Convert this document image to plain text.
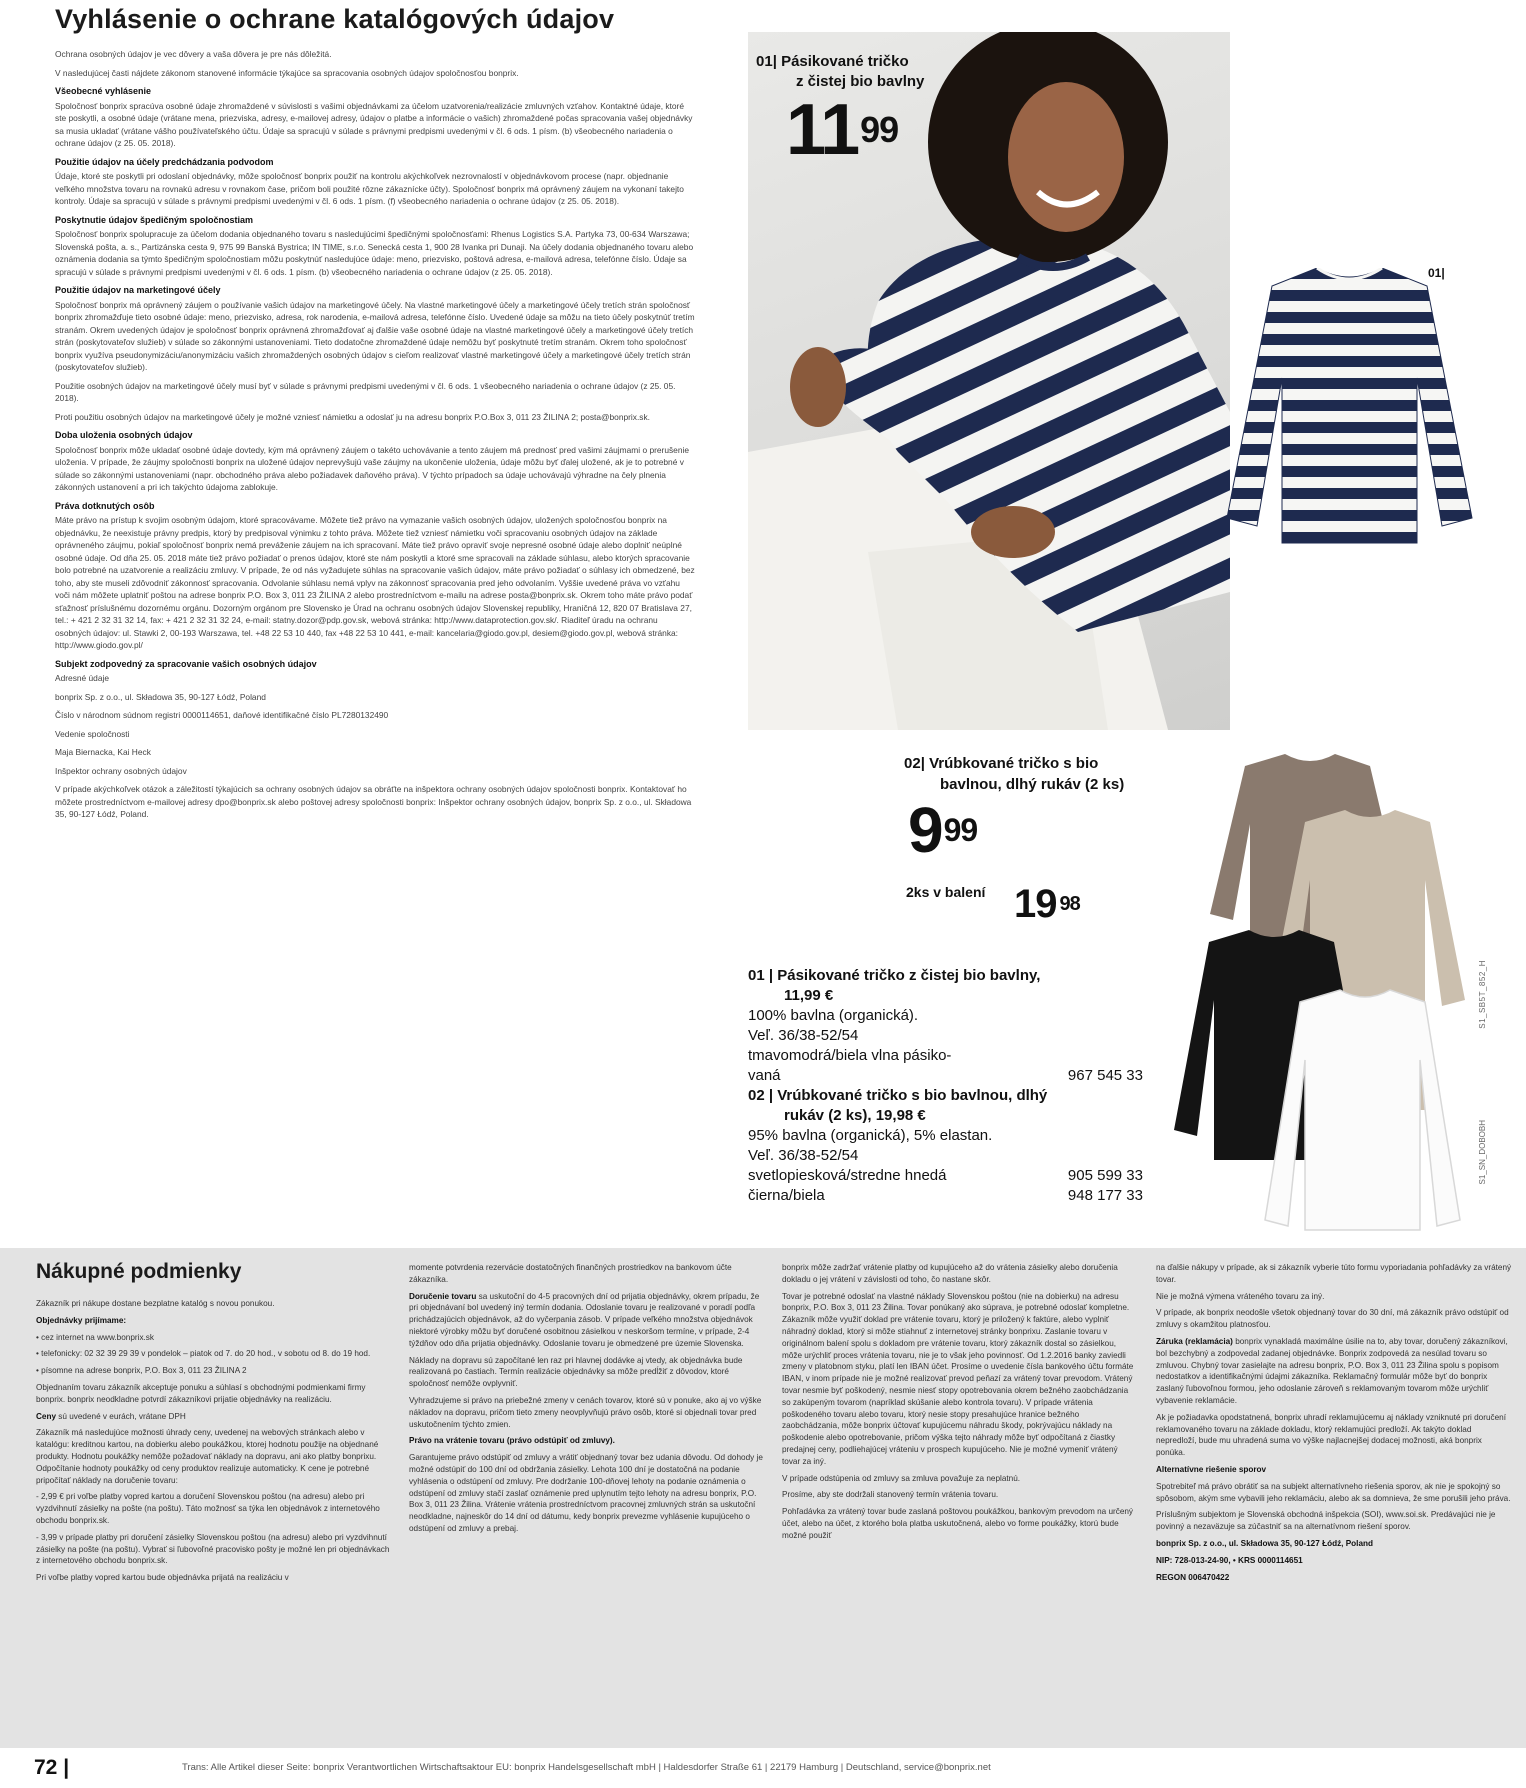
Vyhlásenie o ochrane katalógových údajov

Ochrana osobných údajov je vec dôvery a vaša dôvera je pre nás dôležitá.

V nasledujúcej časti nájdete zákonom stanovené informácie týkajúce sa spracovania osobných údajov spoločnosťou bonprix.

Všeobecné vyhlásenie

Spoločnosť bonprix spracúva osobné údaje zhromaždené v súvislosti s vašimi objednávkami za účelom uzatvorenia/realizácie zmluvných vzťahov. Kontaktné údaje, ktoré ste poskytli, a osobné údaje (vrátane mena, priezviska, adresy, e-mailovej adresy, údajov o platbe a informácie o vašich) zhromaždené počas spracovania vašej objednávky sa musia ukladať (vrátane vášho používateľského účtu. Údaje sa spracujú v súlade s právnymi predpismi uvedenými v čl. 6 ods. 1 písm. (b) všeobecného nariadenia o ochrane údajov (z 25. 05. 2018).

Použitie údajov na účely predchádzania podvodom

Údaje, ktoré ste poskytli pri odoslaní objednávky, môže spoločnosť bonprix použiť na kontrolu akýchkoľvek nezrovnalostí v objednávkovom procese (napr. objednanie veľkého množstva tovaru na rovnakú adresu v rovnakom čase, pričom boli použité rôzne zákaznícke účty). Spoločnosť bonprix má oprávnený záujem na vykonaní takejto kontroly. Údaje sa spracujú v súlade s právnymi predpismi uvedenými v čl. 6 ods. 1 písm. (f) všeobecného nariadenia o ochrane údajov (z 25. 05. 2018).

Poskytnutie údajov špedičným spoločnostiam

Spoločnosť bonprix spolupracuje za účelom dodania objednaného tovaru s nasledujúcimi špedičnými spoločnosťami: Rhenus Logistics S.A. Partyka 73, 00-634 Warszawa; Slovenská pošta, a. s., Partizánska cesta 9, 975 99 Banská Bystrica; IN TIME, s.r.o. Senecká cesta 1, 900 28 Ivanka pri Dunaji. Na účely dodania objednaného tovaru alebo oznámenia dodania sa týmto špedičným spoločnostiam môžu poskytnúť nasledujúce údaje: meno, priezvisko, poštová adresa, e-mailová adresa, telefónne číslo. Údaje sa spracujú v súlade s právnymi predpismi uvedenými v čl. 6 ods. 1 písm. (b) všeobecného nariadenia o ochrane údajov (z 25. 05. 2018).

Použitie údajov na marketingové účely

Spoločnosť bonprix má oprávnený záujem o používanie vašich údajov na marketingové účely. Na vlastné marketingové účely a marketingové účely tretích strán spoločnosť bonprix zhromažďuje tieto osobné údaje: meno, priezvisko, adresa, rok narodenia, e-mailová adresa, telefónne číslo. Uvedené údaje sa môžu na tieto účely poskytnúť tretím stranám. Okrem uvedených údajov je spoločnosť bonprix oprávnená zhromažďovať aj ďalšie vaše osobné údaje na vlastné marketingové účely a marketingové účely tretích strán (poskytovateľov služieb) v súlade so zákonnými ustanoveniami. Tieto dodatočne zhromaždené údaje nemôžu byť poskytnuté tretím stranám. Okrem toho spoločnosť bonprix využíva pseudonymizáciu/anonymizáciu vašich zhromaždených osobných údajov s cieľom realizovať vlastné marketingové účely a marketingové účely tretích strán (poskytovateľov služieb).

Použitie osobných údajov na marketingové účely musí byť v súlade s právnymi predpismi uvedenými v čl. 6 ods. 1 všeobecného nariadenia o ochrane údajov (z 25. 05. 2018).

Proti použitiu osobných údajov na marketingové účely je možné vzniesť námietku a odoslať ju na adresu bonprix P.O.Box 3, 011 23 ŽILINA 2; posta@bonprix.sk.

Doba uloženia osobných údajov

Spoločnosť bonprix môže ukladať osobné údaje dovtedy, kým má oprávnený záujem o takéto uchovávanie a tento záujem má prednosť pred vašimi záujmami o prerušenie uloženia. V prípade, že záujmy spoločnosti bonprix na uložené údajov neprevyšujú vaše záujmy na ukončenie uloženia, údaje môžu byť ďalej uložené, ak je to potrebné v súlade so zákonnými ustanoveniami (napr. obchodného práva alebo požiadavek daňového práva). V týchto prípadoch sa údaje uchovávajú výhradne na čely plnenia zákonných ustanovení a pri ich takýchto údajoma zablokuje.

Práva dotknutých osôb

Máte právo na prístup k svojim osobným údajom, ktoré spracovávame. Môžete tiež právo na vymazanie vašich osobných údajov, uložených spoločnosťou bonprix na objednávku, že neexistuje právny predpis, ktorý by predpisoval výnimku z tohto práva. Môžete tiež vzniesť námietku voči spracovaniu osobných údajov na základe oprávneného záujmu, pokiaľ spoločnosť bonprix nemá preváženie záujem na ich spracovaní. Máte tiež právo opraviť svoje nepresné osobné údaje alebo doplniť neúplné osobné údaje. Od dňa 25. 05. 2018 máte tiež právo požiadať o prenos údajov, ktoré ste nám poskytli a ktoré sme spracovali na základe súhlasu, alebo ktorých spracovanie bolo potrebné na uzatvorenie a realizáciu zmluvy. V prípade, že od nás vyžadujete súhlas na spracovanie vašich údajov, máte právo požiadať o súhlasy ich obmedzené, bez toho, aby ste museli zdôvodniť zákonnosť spracovania. Odvolanie súhlasu nemá vplyv na zákonnosť spracovania pred jeho odvolaním. Vyššie uvedené práva vo vzťahu voči nám môžete uplatniť poštou na adrese bonprix P.O. Box 3, 011 23 ŽILINA 2 alebo prostredníctvom e-mailu na adrese posta@bonprix.sk. Okrem toho máte právo podať sťažnosť príslušnému dozornému orgánu. Dozorným orgánom pre Slovensko je Úrad na ochranu osobných údajov Slovenskej republiky, Hraničná 12, 820 07 Bratislava 27, tel.: + 421 2 32 31 32 14, fax: + 421 2 32 31 32 24, e-mail: statny.dozor@pdp.gov.sk, webová stránka: http://www.dataprotection.gov.sk/. Riaditeľ úradu na ochranu osobných údajov: ul. Stawki 2, 00-193 Warszawa, tel. +48 22 53 10 440, fax +48 22 53 10 441, e-mail: kancelaria@giodo.gov.pl, desiem@giodo.gov.pl, webová stránka: http://www.giodo.gov.pl/

Subjekt zodpovedný za spracovanie vašich osobných údajov

Adresné údaje

bonprix Sp. z o.o., ul. Składowa 35, 90-127 Łódź, Poland

Číslo v národnom súdnom registri 0000114651, daňové identifikačné číslo PL7280132490

Vedenie spoločnosti

Maja Biernacka, Kai Heck

Inšpektor ochrany osobných údajov

V prípade akýchkoľvek otázok a záležitostí týkajúcich sa ochrany osobných údajov sa obráťte na inšpektora ochrany osobných údajov spoločnosti bonprix. Kontaktovať ho môžete prostredníctvom e-mailovej adresy dpo@bonprix.sk alebo poštovej adresy spoločnosti bonprix: Inšpektor ochrany osobných údajov, bonprix Sp. z o.o., ul. Składowa 35, 90-127 Łódź, Poland.

01| Pásikované tričko
z čistej bio bavlny
$11^{99}$
01|
02| Vrúbkované tričko s bio
bavlnou, dlhý rukáv (2 ks)
$9^{99}$
2ks v balení 19 $^{98}$
S1_SB5T_852_H
S1_SN_DOBOBH
01 | Pásikované tričko z čistej bio bavlny,
11,99 €
100% bavlna (organická).
Veľ. 36/38-52/54
tmavomodrá/biela vlna pásiko-
vaná	967 545 33
02 | Vrúbkované tričko s bio bavlnou, dlhý
rukáv (2 ks), 19,98 €
95% bavlna (organická), 5% elastan.
Veľ. 36/38-52/54
svetlopiesková/stredne hnedá	905 599 33
čierna/biela	948 177 33
Nákupné podmienky

Zákazník pri nákupe dostane bezplatne katalóg s novou ponukou.

Objednávky prijímame:

• cez internet na www.bonprix.sk

• telefonicky: 02 32 39 29 39 v pondelok – piatok od 7. do 20 hod., v sobotu od 8. do 19 hod.

• písomne na adrese bonprix, P.O. Box 3, 011 23 ŽILINA 2

Objednaním tovaru zákazník akceptuje ponuku a súhlasí s obchodnými podmienkami firmy bonprix. bonprix neodkladne potvrdí zákazníkovi prijatie objednávky na realizáciu.

Ceny sú uvedené v eurách, vrátane DPH

Zákazník má nasledujúce možnosti úhrady ceny, uvedenej na webových stránkach alebo v katalógu: kreditnou kartou, na dobierku alebo poukážkou, ktorej hodnotu použije na objednané produkty. Hodnotu poukážky nemôže požadovať náklady na dopravu, ani ako platby bonprixu. Odpočítanie hodnoty poukážky od ceny produktov realizuje automaticky. K cene je potrebné pripočítať náklady na doručenie tovaru:

- 2,99 € pri voľbe platby vopred kartou a doručení Slovenskou poštou (na adresu) alebo pri vyzdvihnutí zásielky na pošte (na poštu). Táto možnosť sa týka len objednávok z internetového obchodu bonprix.sk.

- 3,99 v prípade platby pri doručení zásielky Slovenskou poštou (na adresu) alebo pri vyzdvihnutí zásielky na pošte (na poštu). Vybrať si ľubovoľné pracovisko pošty je možné len pri objednávkach z internetového obchodu bonprix.sk.

Pri voľbe platby vopred kartou bude objednávka prijatá na realizáciu v

momente potvrdenia rezervácie dostatočných finančných prostriedkov na bankovom účte zákazníka.

Doručenie tovaru sa uskutoční do 4-5 pracovných dní od prijatia objednávky, okrem prípadu, že pri objednávaní bol uvedený iný termín dodania. Odoslanie tovaru je realizované v poradí podľa prichádzajúcich objednávok, až do vyčerpania zásob. V prípade veľkého množstva objednávok niektoré výrobky môžu byť doručené osobitnou zásielkou v neskoršom termíne, v prípade, 2-4 týždňov odo dňa prijatia objednávky. Odoslanie tovaru je obmedzené pre územie Slovenska.

Náklady na dopravu sú započítané len raz pri hlavnej dodávke aj vtedy, ak objednávka bude realizovaná po častiach. Termín realizácie objednávky sa môže predĺžiť z dôvodov, ktoré spoločnosť nemôže ovplyvniť.

Vyhradzujeme si právo na priebežné zmeny v cenách tovarov, ktoré sú v ponuke, ako aj vo výške nákladov na dopravu, pričom tieto zmeny neovplyvňujú právo osôb, ktoré si objednali tovar pred uskutočnením týchto zmien.

Právo na vrátenie tovaru (právo odstúpiť od zmluvy).

Garantujeme právo odstúpiť od zmluvy a vrátiť objednaný tovar bez udania dôvodu. Od dohody je možné odstúpiť do 100 dní od obdržania zásielky. Lehota 100 dní je dostatočná na podanie vyhlásenia o odstúpení od zmluvy. Pre dodržanie 100-dňovej lehoty na podanie oznámenia o odstúpení od zmluvy stačí zaslať oznámenie pred uplynutím tejto lehoty na adresu bonprix, P.O. Box 3, 011 23 Žilina. Vrátenie vrátenia prostredníctvom pracovnej zmluvných strán sa uskutoční neodkladne, najneskôr do 14 dní od dátumu, kedy bonprix prevezme vyhlásenie kupujúceho o odstúpení od zmluvy a prebaj.

bonprix môže zadržať vrátenie platby od kupujúceho až do vrátenia zásielky alebo doručenia dokladu o jej vrátení v závislosti od toho, čo nastane skôr.

Tovar je potrebné odoslať na vlastné náklady Slovenskou poštou (nie na dobierku) na adresu bonprix, P.O. Box 3, 011 23 Žilina. Tovar ponúkaný ako súprava, je potrebné odoslať kompletne. Zákazník môže využiť doklad pre vrátenie tovaru, ktorý je priložený k faktúre, alebo vyplniť náhradný doklad, ktorý si môže stiahnuť z internetovej stránky bonprixu. Zaslanie tovaru v originálnom balení spolu s dokladom pre vrátenie tovaru, ktorý zákazník dostal so zásielkou, môže urýchliť proces vrátenia tovaru, nie je to však jeho povinnosť. Od 1.2.2016 banky zaviedli zmeny v platobnom styku, platí len IBAN účet. Prosíme o uvedenie čísla bankového účtu formáte IBAN, v inom prípade nie je možné realizovať prevod peňazí za vrátený tovar prevodom. Vrátený tovar nesmie byť poškodený, nesmie niesť stopy opotrebovania okrem bežného zaobchádzania so zakúpeným tovarom (napríklad skúšanie alebo kontrola tovaru). V prípade vrátenia poškodeného tovaru alebo tovaru, ktorý nesie stopy presahujúce hranice bežného zaobchádzania, môže bonprix účtovať kupujúcemu náhradu škody, pokrývajúcu náklady na poškodenie alebo opotrebovanie, pričom výška tejto náhrady môže byť odpočítaná z čiastky predajnej ceny, podliehajúcej vráteniu v prospech kupujúceho. Nie je možné vymeniť vrátený tovar za iný.

V prípade odstúpenia od zmluvy sa zmluva považuje za neplatnú.

Prosíme, aby ste dodržali stanovený termín vrátenia tovaru.

Pohľadávka za vrátený tovar bude zaslaná poštovou poukážkou, bankovým prevodom na určený účet, alebo na účet, z ktorého bola platba uskutočnená, alebo vo forme poukážky, ktorú bude možné použiť

na ďalšie nákupy v prípade, ak si zákazník vyberie túto formu vyporiadania pohľadávky za vrátený tovar.

Nie je možná výmena vráteného tovaru za iný.

V prípade, ak bonprix neodošle všetok objednaný tovar do 30 dní, má zákazník právo odstúpiť od zmluvy s okamžitou platnosťou.

Záruka (reklamácia) bonprix vynakladá maximálne úsilie na to, aby tovar, doručený zákazníkovi, bol bezchybný a zodpovedal zadanej objednávke. Bonprix zodpovedá za nesúlad tovaru so zmluvou. Chybný tovar zasielajte na adresu bonprix, P.O. Box 3, 011 23 Žilina spolu s popisom nedostatkov a identifikačnými údajmi zákazníka. Reklamačný formulár môže byť do bonprix zaslaný ľubovoľnou formou, jeho odoslanie zároveň s reklamovaným tovarom môže urýchliť vybavenie reklamácie.

Ak je požiadavka opodstatnená, bonprix uhradí reklamujúcemu aj náklady vzniknuté pri doručení reklamovaného tovaru na základe dokladu, ktorý reklamujúci predloží. Ak takýto doklad nepredloží, bude mu uhradená suma vo výške najlacnejšej dodacej možnosti, aká bonprix ponúka.

Alternatívne riešenie sporov

Spotrebiteľ má právo obrátiť sa na subjekt alternatívneho riešenia sporov, ak nie je spokojný so spôsobom, akým sme vybavili jeho reklamáciu, alebo ak sa domnieva, že sme porušili jeho práva.

Príslušným subjektom je Slovenská obchodná inšpekcia (SOI), www.soi.sk. Predávajúci nie je povinný a nezaväzuje sa zúčastniť sa na alternatívnom riešení sporov.

bonprix Sp. z o.o., ul. Składowa 35, 90-127 Łódź, Poland

NIP: 728-013-24-90, • KRS 0000114651

REGON 006470422

72 |	Trans: Alle Artikel dieser Seite: bonprix Verantwortlichen Wirtschaftsaktour EU: bonprix Handelsgesellschaft mbH | Haldesdorfer Straße 61 | 22179 Hamburg | Deutschland, service@bonprix.net
